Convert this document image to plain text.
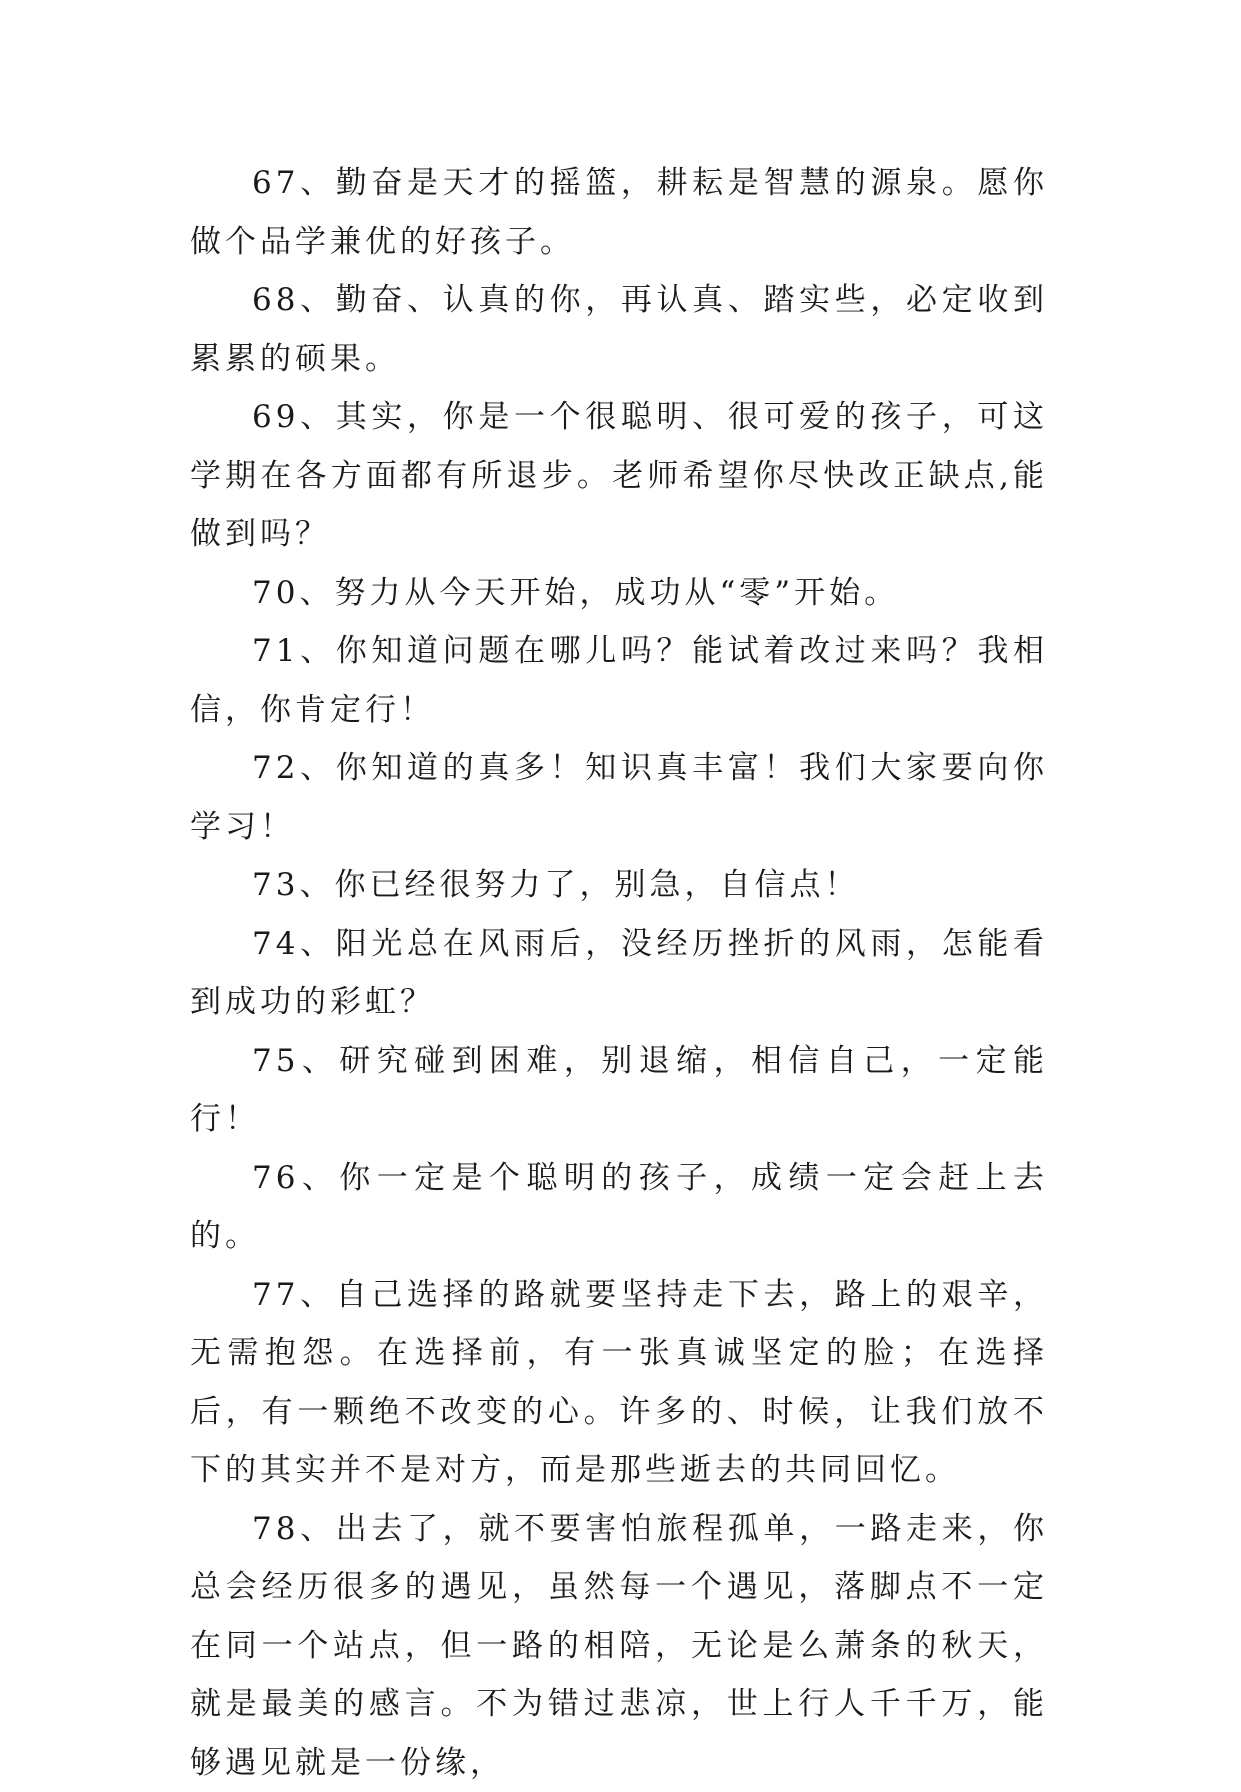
67、勤奋是天才的摇篮，耕耘是智慧的源泉。愿你做个品学兼优的好孩子。

68、勤奋、认真的你，再认真、踏实些，必定收到累累的硕果。

69、其实，你是一个很聪明、很可爱的孩子，可这学期在各方面都有所退步。老师希望你尽快改正缺点,能做到吗？

70、努力从今天开始，成功从“零”开始。

71、你知道问题在哪儿吗？能试着改过来吗？我相信，你肯定行！

72、你知道的真多！知识真丰富！我们大家要向你学习！

73、你已经很努力了，别急，自信点！

74、阳光总在风雨后，没经历挫折的风雨，怎能看到成功的彩虹？

75、研究碰到困难，别退缩，相信自己，一定能行！

76、你一定是个聪明的孩子，成绩一定会赶上去的。

77、自己选择的路就要坚持走下去，路上的艰辛，无需抱怨。在选择前，有一张真诚坚定的脸；在选择后，有一颗绝不改变的心。许多的、时候，让我们放不下的其实并不是对方，而是那些逝去的共同回忆。

78、出去了，就不要害怕旅程孤单，一路走来，你总会经历很多的遇见，虽然每一个遇见，落脚点不一定在同一个站点，但一路的相陪，无论是么萧条的秋天，就是最美的感言。不为错过悲凉，世上行人千千万，能够遇见就是一份缘，
